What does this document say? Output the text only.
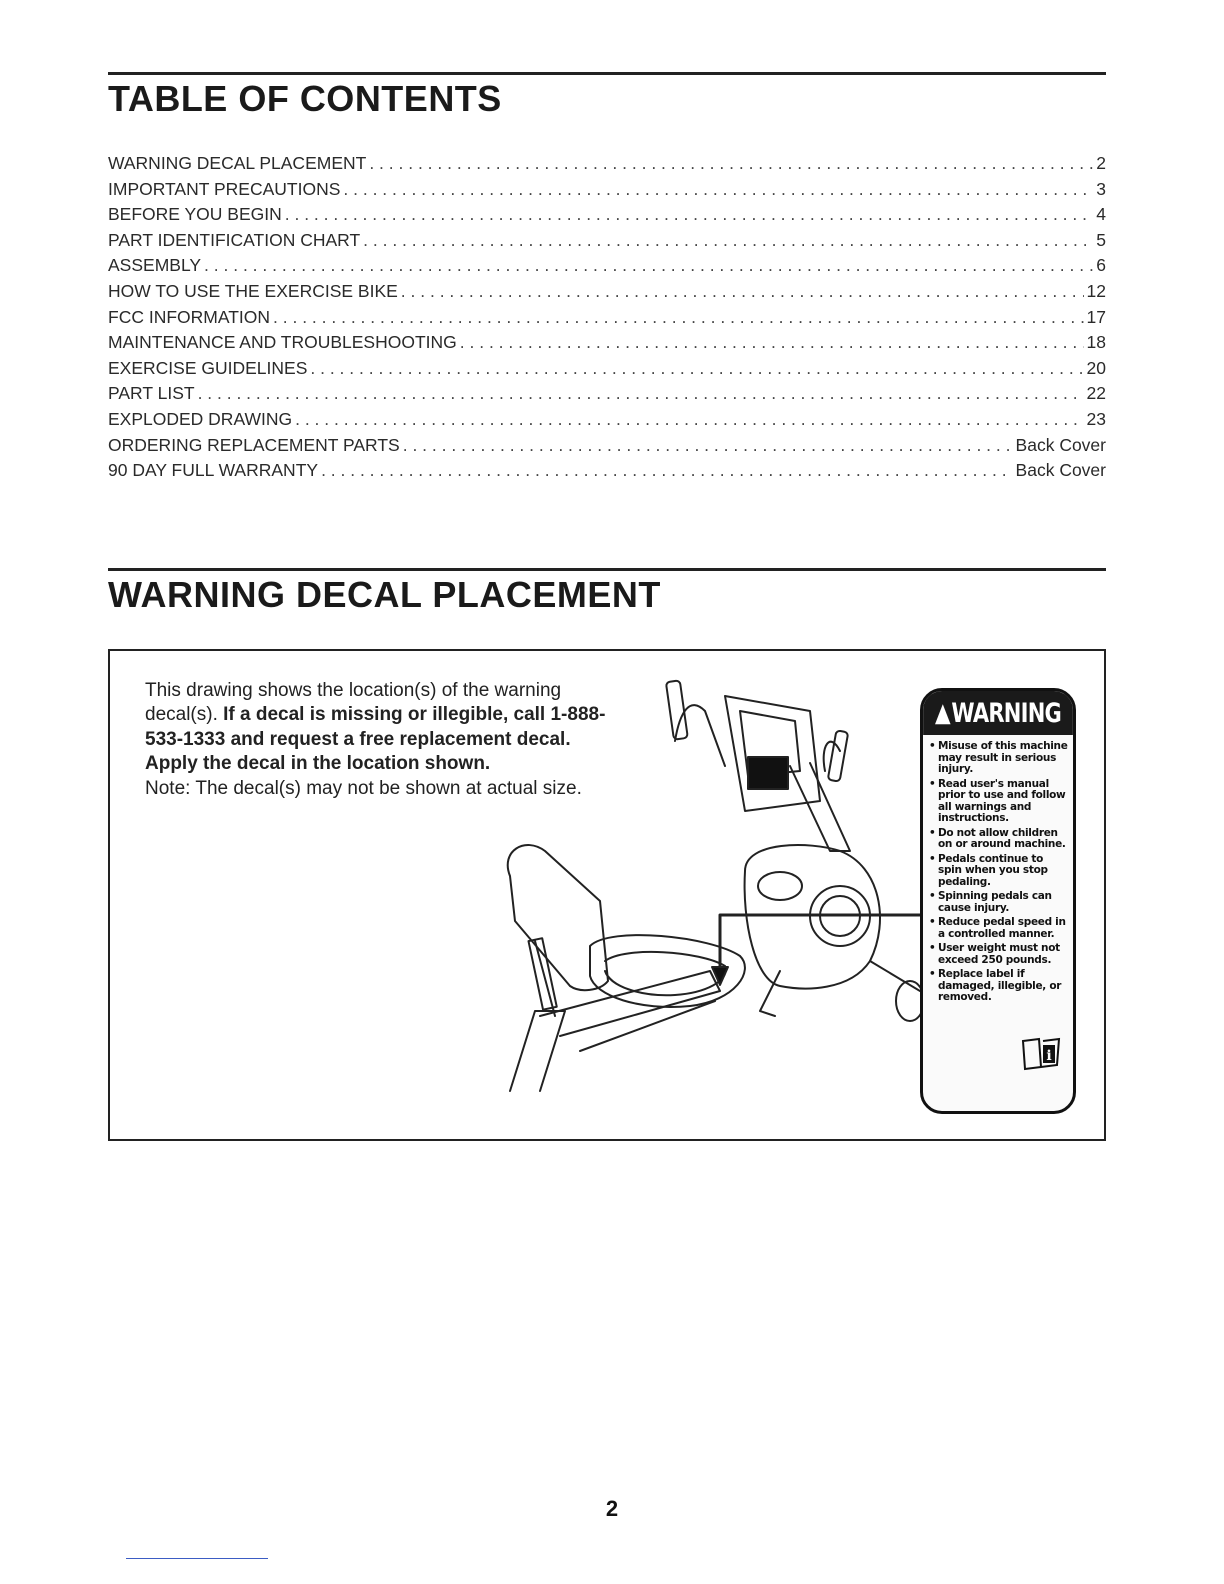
TABLE OF CONTENTS
WARNING DECAL PLACEMENT . . .	2
IMPORTANT PRECAUTIONS . . .	3
BEFORE YOU BEGIN . . .	4
PART IDENTIFICATION CHART . . .	5
ASSEMBLY . . .	6
HOW TO USE THE EXERCISE BIKE . . .	12
FCC INFORMATION . . .	17
MAINTENANCE AND TROUBLESHOOTING . . .	18
EXERCISE GUIDELINES . . .	20
PART LIST . . .	22
EXPLODED DRAWING . . .	23
ORDERING REPLACEMENT PARTS . . .	Back Cover
90 DAY FULL WARRANTY . . .	Back Cover
WARNING DECAL PLACEMENT

This drawing shows the location(s) of the warning decal(s). If a decal is missing or illegible, call 1-888-533-1333 and request a free replacement decal. Apply the decal in the location shown.

Note: The decal(s) may not be shown at actual size.

▲ WARNING
• Misuse of this machine may result in serious injury.
• Read user's manual prior to use and follow all warnings and instructions.
• Do not allow children on or around machine.
• Pedals continue to spin when you stop pedaling.
• Spinning pedals can cause injury.
• Reduce pedal speed in a controlled manner.
• User weight must not exceed 250 pounds.
• Replace label if damaged, illegible, or removed.
i
2
